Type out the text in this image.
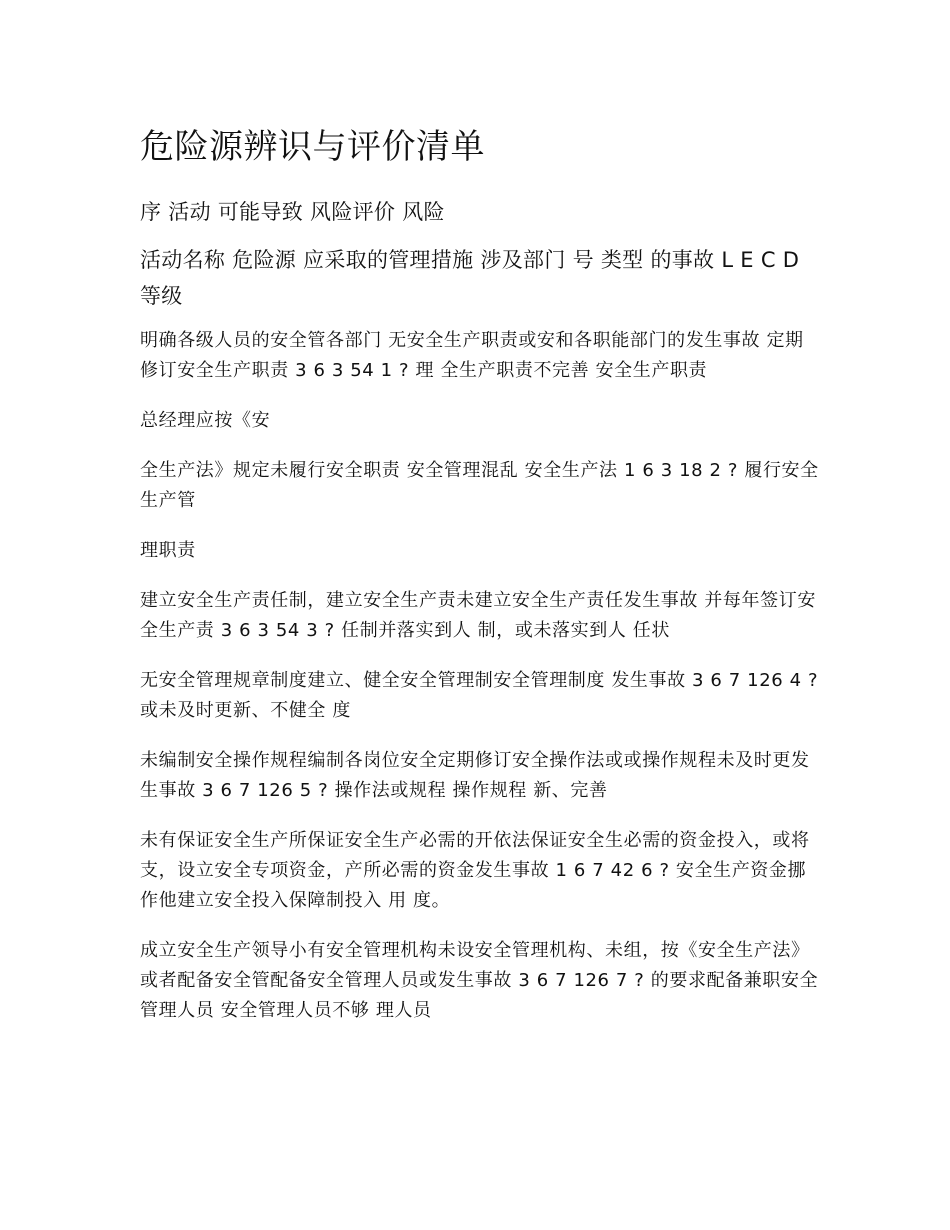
危险源辨识与评价清单
序 活动 可能导致 风险评价 风险
活动名称 危险源 应采取的管理措施 涉及部门 号 类型 的事故 L E C D 等级

明确各级人员的安全管各部门 无安全生产职责或安和各职能部门的发生事故 定期修订安全生产职责 3 6 3 54 1 ? 理 全生产职责不完善 安全生产职责

总经理应按《安

全生产法》规定未履行安全职责 安全管理混乱 安全生产法 1 6 3 18 2 ? 履行安全生产管

理职责

建立安全生产责任制，建立安全生产责未建立安全生产责任发生事故 并每年签订安全生产责 3 6 3 54 3 ? 任制并落实到人 制，或未落实到人 任状

无安全管理规章制度建立、健全安全管理制安全管理制度 发生事故 3 6 7 126 4 ? 或未及时更新、不健全 度

未编制安全操作规程编制各岗位安全定期修订安全操作法或或操作规程未及时更发生事故 3 6 7 126 5 ? 操作法或规程 操作规程 新、完善

未有保证安全生产所保证安全生产必需的开依法保证安全生必需的资金投入，或将支，设立安全专项资金，产所必需的资金发生事故 1 6 7 42 6 ? 安全生产资金挪作他建立安全投入保障制投入 用 度。

成立安全生产领导小有安全管理机构未设安全管理机构、未组，按《安全生产法》或者配备安全管配备安全管理人员或发生事故 3 6 7 126 7 ? 的要求配备兼职安全管理人员 安全管理人员不够 理人员
